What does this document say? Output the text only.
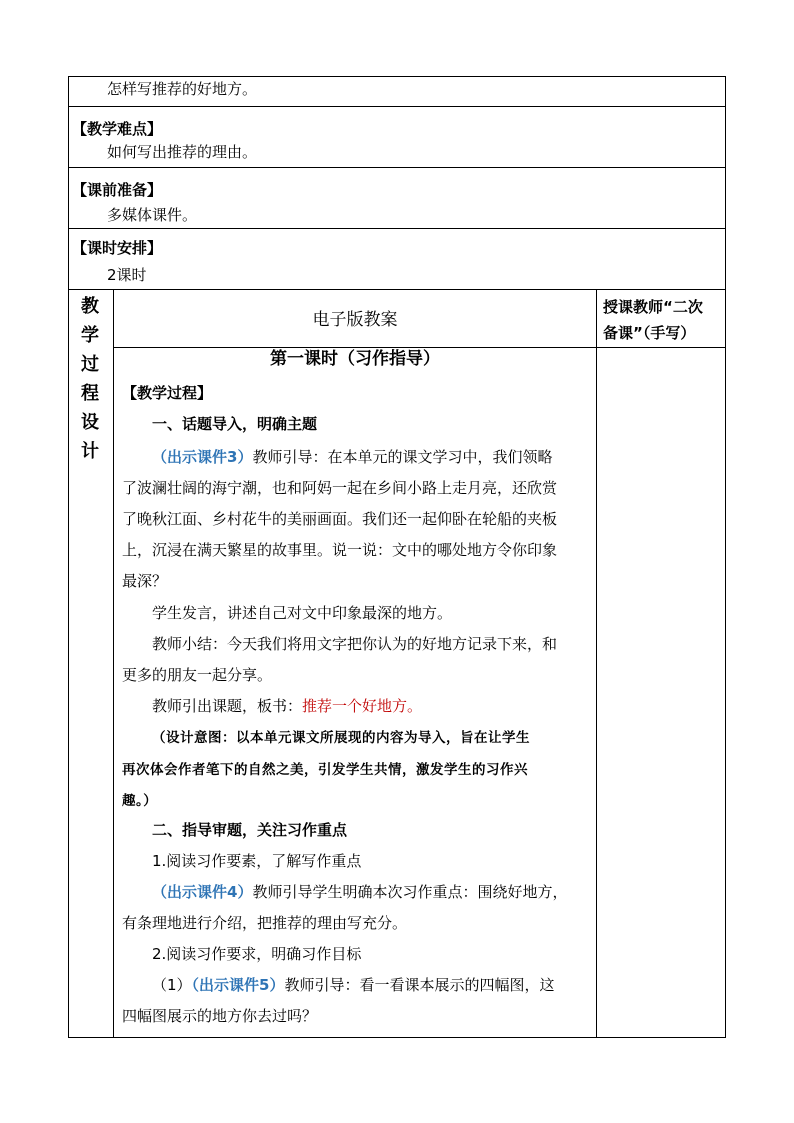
怎样写推荐的好地方。
【教学难点】
如何写出推荐的理由。
【课前准备】
多媒体课件。
【课时安排】
2课时
教
学
过
程
设
计
电子版教案
授课教师“二次
备课”（手写）
第一课时（习作指导）
【教学过程】
一、话题导入，明确主题
（出示课件3）教师引导：在本单元的课文学习中，我们领略
了波澜壮阔的海宁潮，也和阿妈一起在乡间小路上走月亮，还欣赏
了晚秋江面、乡村花牛的美丽画面。我们还一起仰卧在轮船的夹板
上，沉浸在满天繁星的故事里。说一说：文中的哪处地方令你印象
最深？
学生发言，讲述自己对文中印象最深的地方。
教师小结：今天我们将用文字把你认为的好地方记录下来，和
更多的朋友一起分享。
教师引出课题，板书：推荐一个好地方。
（设计意图：以本单元课文所展现的内容为导入，旨在让学生
再次体会作者笔下的自然之美，引发学生共情，激发学生的习作兴
趣。）
二、指导审题，关注习作重点
1.阅读习作要素，了解写作重点
（出示课件4）教师引导学生明确本次习作重点：围绕好地方，
有条理地进行介绍，把推荐的理由写充分。
2.阅读习作要求，明确习作目标
（1）（出示课件5）教师引导：看一看课本展示的四幅图，这
四幅图展示的地方你去过吗？
